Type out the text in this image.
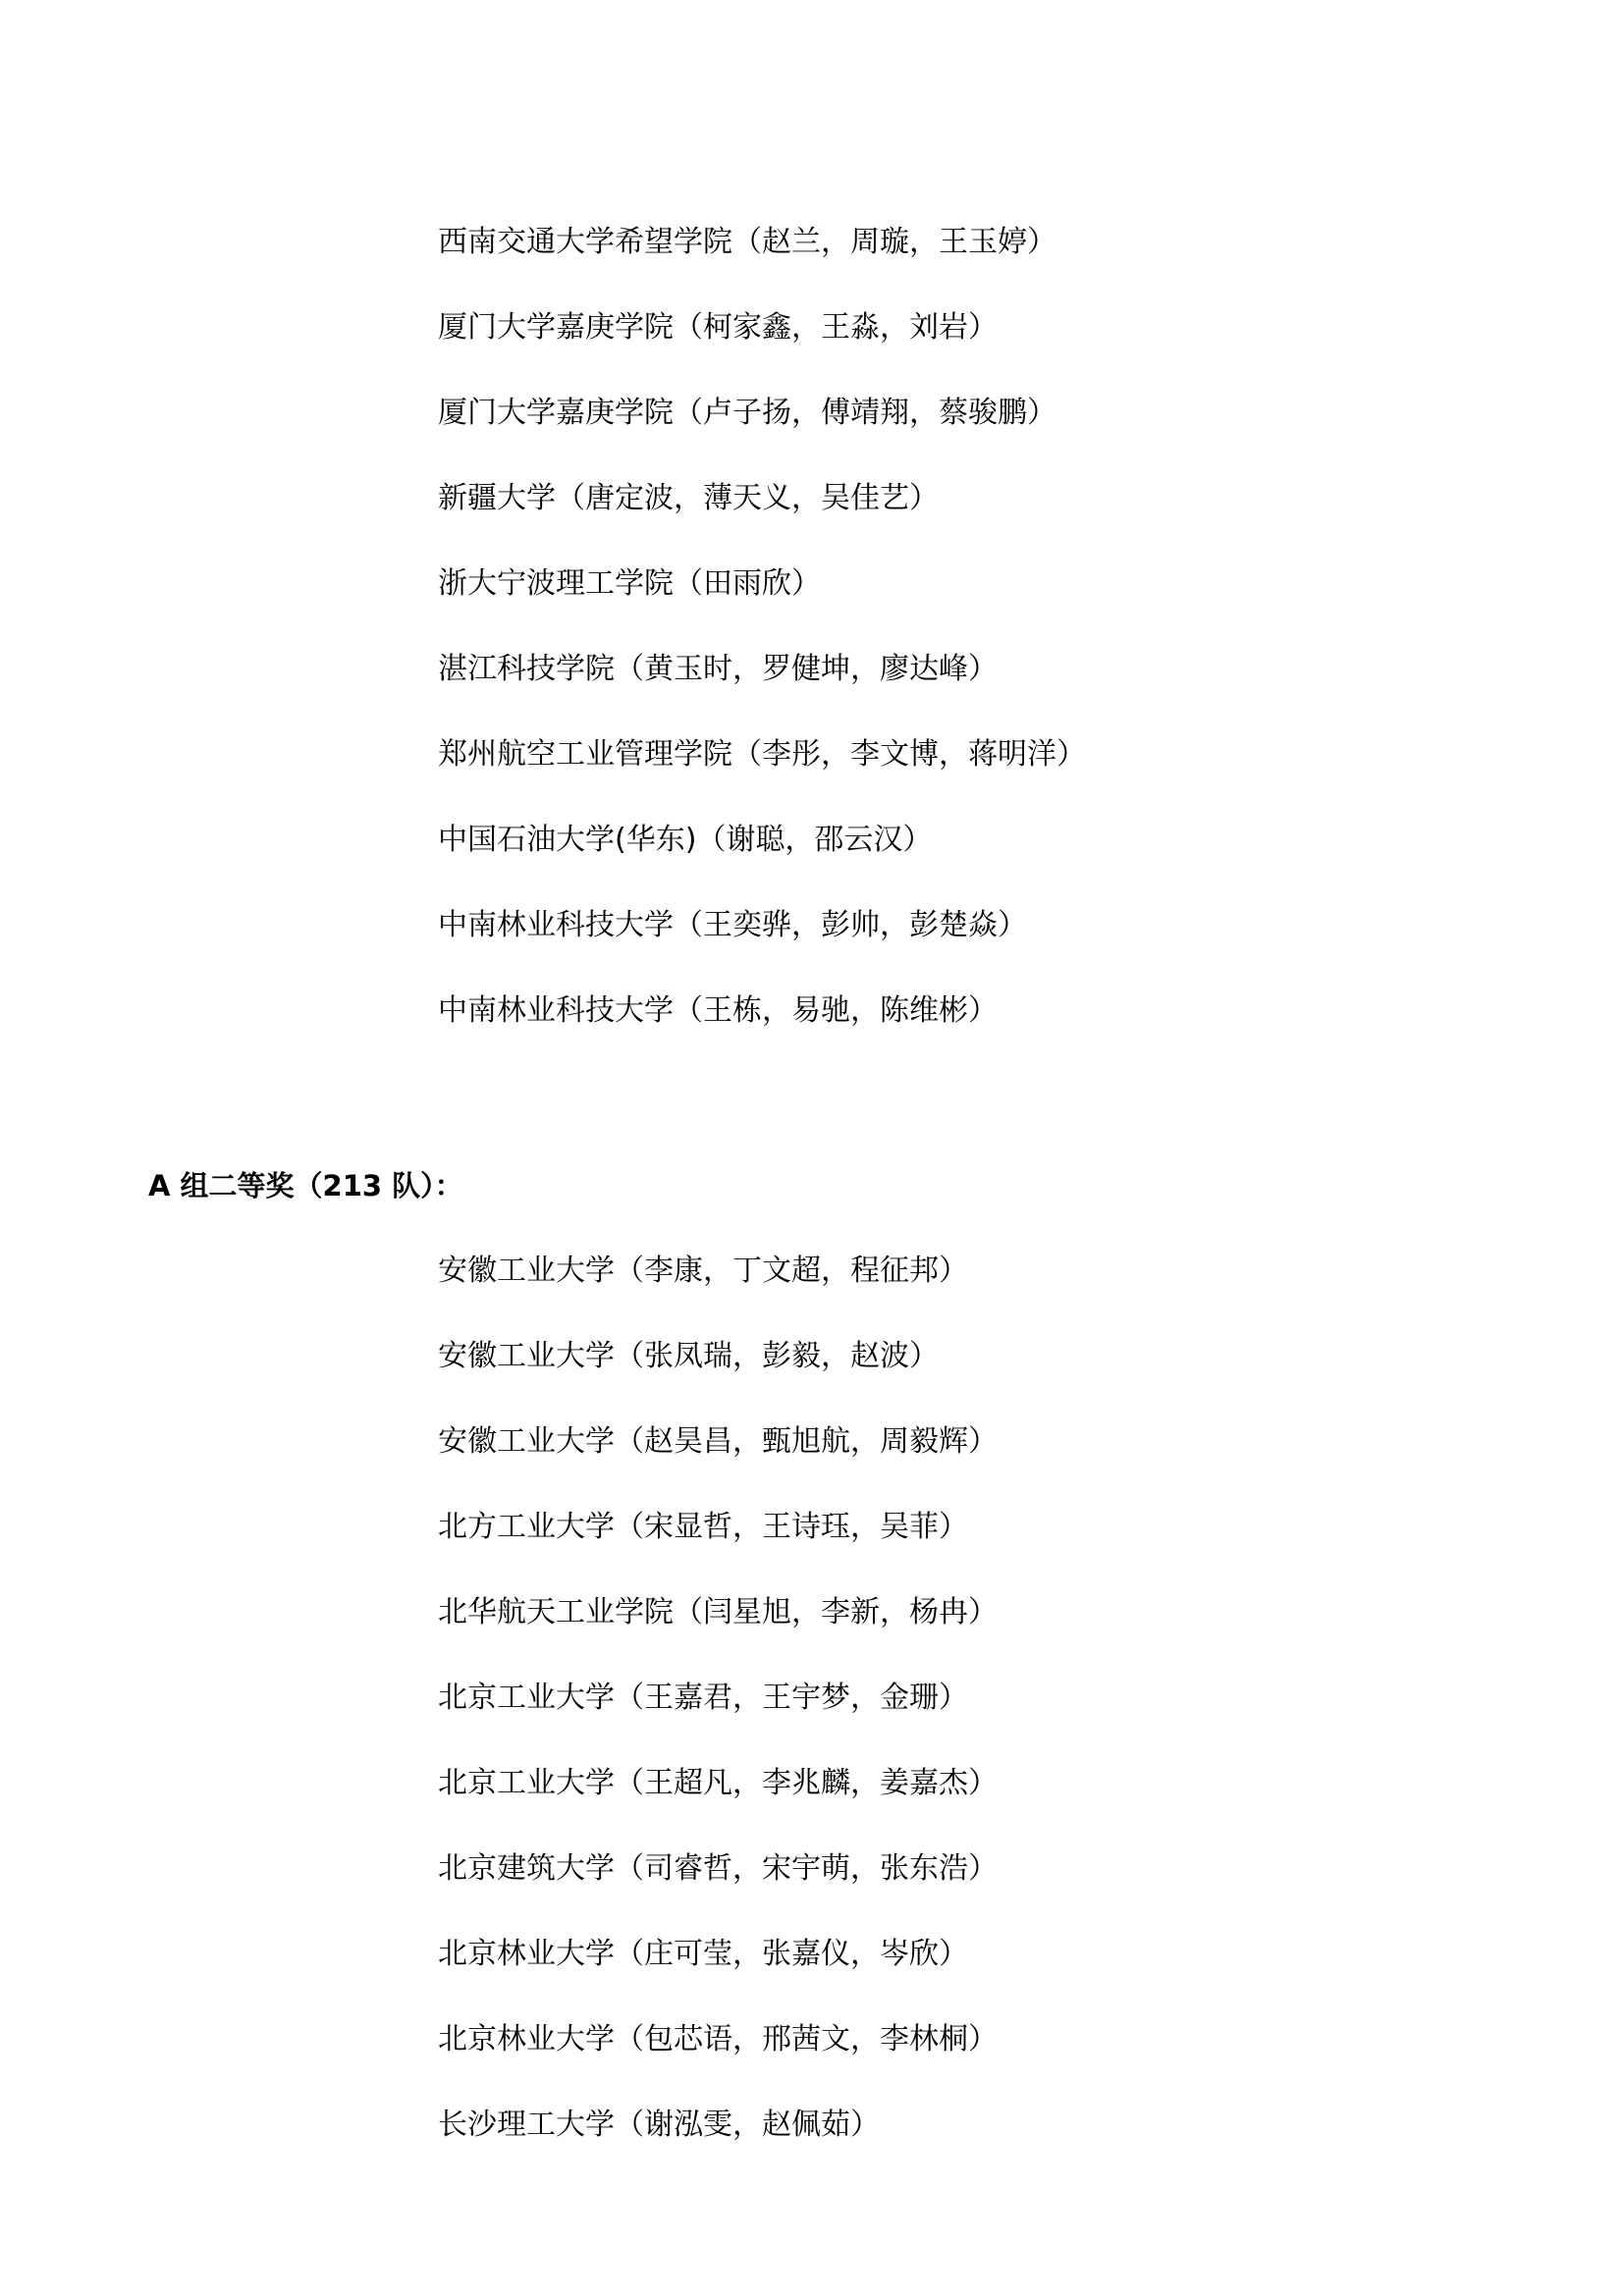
西南交通大学希望学院（赵兰，周璇，王玉婷）
厦门大学嘉庚学院（柯家鑫，王淼，刘岩）
厦门大学嘉庚学院（卢子扬，傅靖翔，蔡骏鹏）
新疆大学（唐定波，薄天义，吴佳艺）
浙大宁波理工学院（田雨欣）
湛江科技学院（黄玉时，罗健坤，廖达峰）
郑州航空工业管理学院（李彤，李文博，蒋明洋）
中国石油大学(华东)（谢聪，邵云汉）
中南林业科技大学（王奕骅，彭帅，彭楚焱）
中南林业科技大学（王栋，易驰，陈维彬）
A 组二等奖（213 队）：
安徽工业大学（李康，丁文超，程征邦）
安徽工业大学（张凤瑞，彭毅，赵波）
安徽工业大学（赵昊昌，甄旭航，周毅辉）
北方工业大学（宋显哲，王诗珏，吴菲）
北华航天工业学院（闫星旭，李新，杨冉）
北京工业大学（王嘉君，王宇梦，金珊）
北京工业大学（王超凡，李兆麟，姜嘉杰）
北京建筑大学（司睿哲，宋宇萌，张东浩）
北京林业大学（庄可莹，张嘉仪，岑欣）
北京林业大学（包芯语，邢茜文，李林桐）
长沙理工大学（谢泓雯，赵佩茹）
